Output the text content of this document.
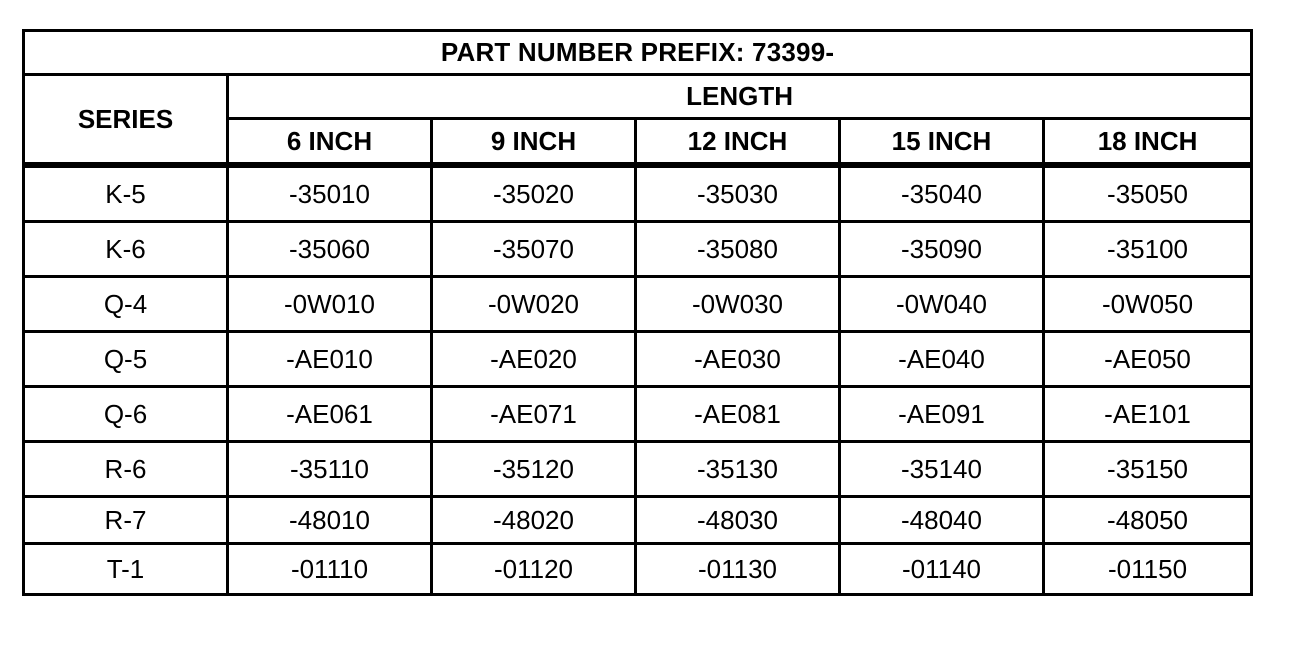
PART NUMBER PREFIX: 73399-					
SERIES	LENGTH				
	6 INCH	9 INCH	12 INCH	15 INCH	18 INCH
K-5	-35010	-35020	-35030	-35040	-35050
K-6	-35060	-35070	-35080	-35090	-35100
Q-4	-0W010	-0W020	-0W030	-0W040	-0W050
Q-5	-AE010	-AE020	-AE030	-AE040	-AE050
Q-6	-AE061	-AE071	-AE081	-AE091	-AE101
R-6	-35110	-35120	-35130	-35140	-35150
R-7	-48010	-48020	-48030	-48040	-48050
T-1	-01110	-01120	-01130	-01140	-01150
